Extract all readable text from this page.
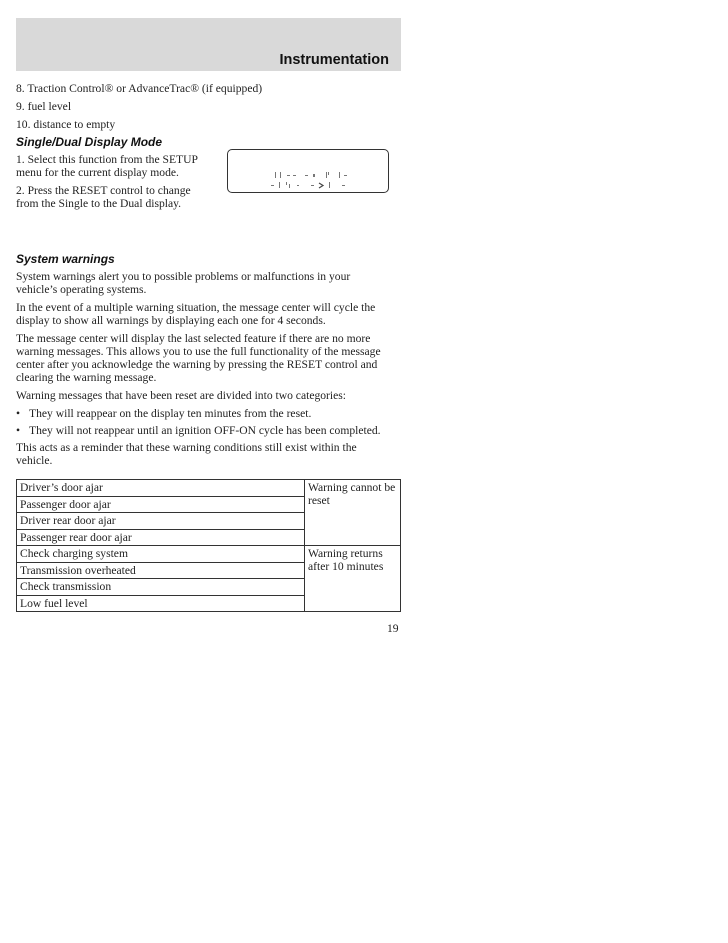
Instrumentation

8. Traction Control® or AdvanceTrac® (if equipped)

9. fuel level

10. distance to empty

Single/Dual Display Mode

1. Select this function from the SETUP menu for the current display mode.

2. Press the RESET control to change from the Single to the Dual display.

System warnings

System warnings alert you to possible problems or malfunctions in your vehicle’s operating systems.

In the event of a multiple warning situation, the message center will cycle the display to show all warnings by displaying each one for 4 seconds.

The message center will display the last selected feature if there are no more warning messages. This allows you to use the full functionality of the message center after you acknowledge the warning by pressing the RESET control and clearing the warning message.

Warning messages that have been reset are divided into two categories:

• They will reappear on the display ten minutes from the reset.
• They will not reappear until an ignition OFF-ON cycle has been completed.

This acts as a reminder that these warning conditions still exist within the vehicle.

Driver’s door ajar	Warning cannot be reset
Passenger door ajar	
Driver rear door ajar	
Passenger rear door ajar	
Check charging system	Warning returns after 10 minutes
Transmission overheated	
Check transmission	
Low fuel level	
19
